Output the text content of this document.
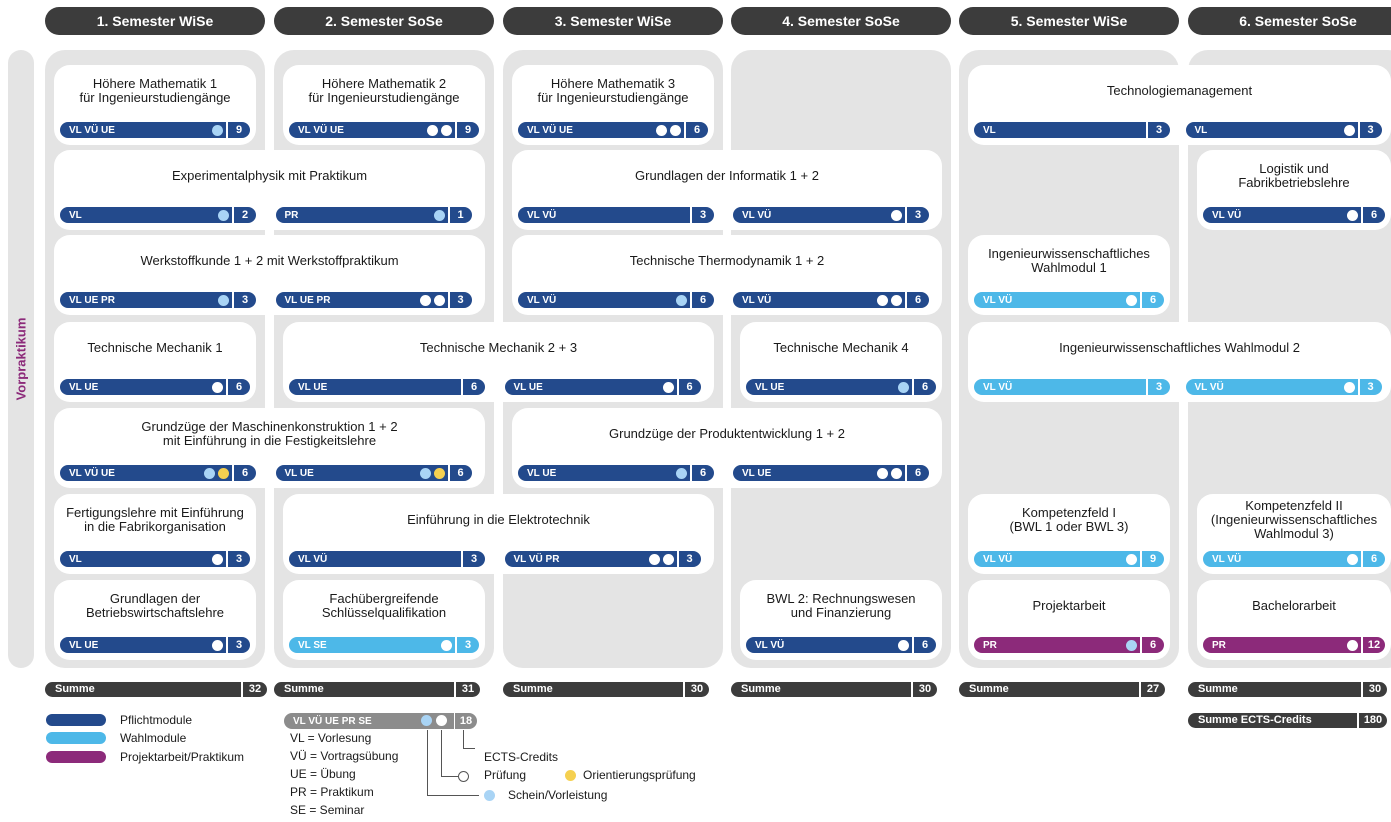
Vorpraktikum
1. Semester WiSe	2. Semester SoSe	3. Semester WiSe	4. Semester SoSe	5. Semester WiSe	6. Semester SoSe
Höhere Mathematik 1
für Ingenieurstudiengänge
VL VÜ UE	9
Höhere Mathematik 2
für Ingenieurstudiengänge
VL VÜ UE	9
Höhere Mathematik 3
für Ingenieurstudiengänge
VL VÜ UE	6
Technologiemanagement
VL	3	VL	3
Experimentalphysik mit Praktikum
VL	2	PR	1
Grundlagen der Informatik 1 + 2
VL VÜ	3	VL VÜ	3
Logistik und
Fabrikbetriebslehre
VL VÜ	6
Werkstoffkunde 1 + 2 mit Werkstoffpraktikum
VL UE PR	3	VL UE PR	3
Technische Thermodynamik 1 + 2
VL VÜ	6	VL VÜ	6
Ingenieurwissenschaftliches
Wahlmodul 1
VL VÜ	6
Technische Mechanik 1
VL UE	6
Technische Mechanik 2 + 3
VL UE	6	VL UE	6
Technische Mechanik 4
VL UE	6
Ingenieurwissenschaftliches Wahlmodul 2
VL VÜ	3	VL VÜ	3
Grundzüge der Maschinenkonstruktion 1 + 2
mit Einführung in die Festigkeitslehre
VL VÜ UE	6	VL UE	6
Grundzüge der Produktentwicklung 1 + 2
VL UE	6	VL UE	6
Fertigungslehre mit Einführung
in die Fabrikorganisation
VL	3
Einführung in die Elektrotechnik
VL VÜ	3	VL VÜ PR	3
Kompetenzfeld I
(BWL 1 oder BWL 3)
VL VÜ	9
Kompetenzfeld II
(Ingenieurwissenschaftliches
Wahlmodul 3)
VL VÜ	6
Grundlagen der
Betriebswirtschaftslehre
VL UE	3
Fachübergreifende
Schlüsselqualifikation
VL SE	3
BWL 2: Rechnungswesen
und Finanzierung
VL VÜ	6
Projektarbeit
PR	6
Bachelorarbeit
PR	12
Summe	32	Summe	31	Summe	30	Summe	30	Summe	27	Summe	30
Summe ECTS-Credits	180
Pflichtmodule
Wahlmodule
Projektarbeit/Praktikum
VL VÜ UE PR SE	18
VL = Vorlesung
VÜ = Vortragsübung
UE = Übung
PR = Praktikum
SE = Seminar
ECTS-Credits
Prüfung	Orientierungsprüfung
Schein/Vorleistung
